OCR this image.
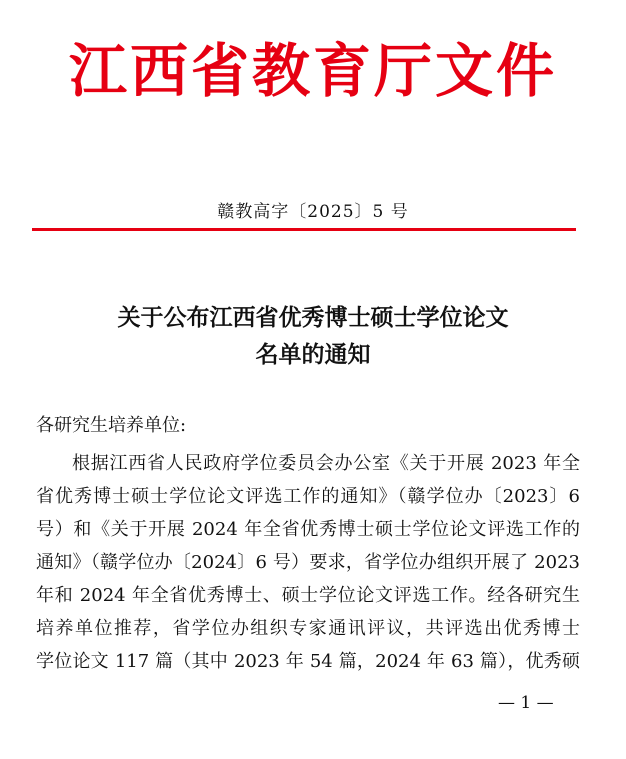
江西省教育厅文件
赣教高字〔2025〕5 号
关于公布江西省优秀博士硕士学位论文
名单的通知
各研究生培养单位:
根据江西省人民政府学位委员会办公室《关于开展 2023 年全
省优秀博士硕士学位论文评选工作的通知》（赣学位办〔2023〕6
号）和《关于开展 2024 年全省优秀博士硕士学位论文评选工作的
通知》（赣学位办〔2024〕6 号）要求，省学位办组织开展了 2023
年和 2024 年全省优秀博士、硕士学位论文评选工作。经各研究生
培养单位推荐，省学位办组织专家通讯评议，共评选出优秀博士
学位论文 117 篇（其中 2023 年 54 篇，2024 年 63 篇），优秀硕
— 1 —
